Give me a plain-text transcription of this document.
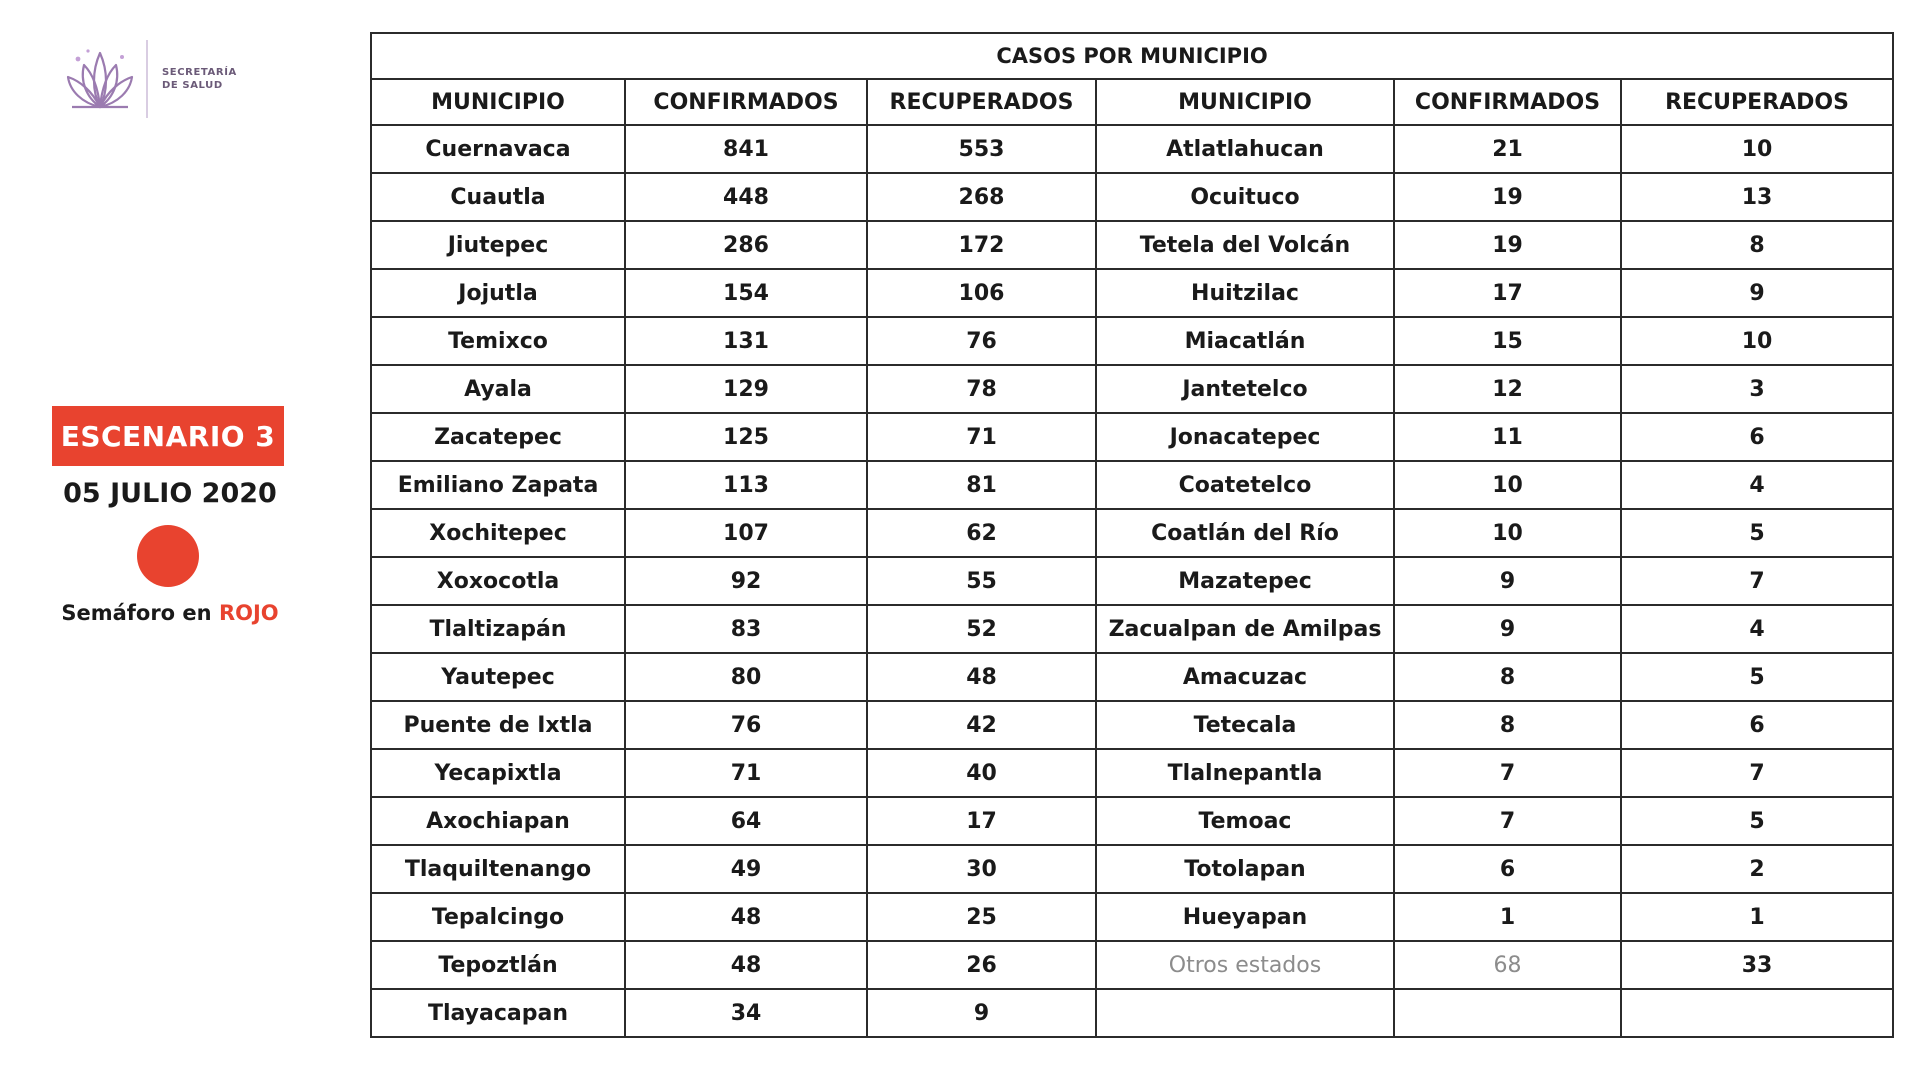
SECRETARÍA
DE SALUD
ESCENARIO 3
05 JULIO 2020
Semáforo en ROJO
CASOS POR MUNICIPIO					
MUNICIPIO	CONFIRMADOS	RECUPERADOS	MUNICIPIO	CONFIRMADOS	RECUPERADOS
Cuernavaca	841	553	Atlatlahucan	21	10
Cuautla	448	268	Ocuituco	19	13
Jiutepec	286	172	Tetela del Volcán	19	8
Jojutla	154	106	Huitzilac	17	9
Temixco	131	76	Miacatlán	15	10
Ayala	129	78	Jantetelco	12	3
Zacatepec	125	71	Jonacatepec	11	6
Emiliano Zapata	113	81	Coatetelco	10	4
Xochitepec	107	62	Coatlán del Río	10	5
Xoxocotla	92	55	Mazatepec	9	7
Tlaltizapán	83	52	Zacualpan de Amilpas	9	4
Yautepec	80	48	Amacuzac	8	5
Puente de Ixtla	76	42	Tetecala	8	6
Yecapixtla	71	40	Tlalnepantla	7	7
Axochiapan	64	17	Temoac	7	5
Tlaquiltenango	49	30	Totolapan	6	2
Tepalcingo	48	25	Hueyapan	1	1
Tepoztlán	48	26	Otros estados	68	33
Tlayacapan	34	9			
